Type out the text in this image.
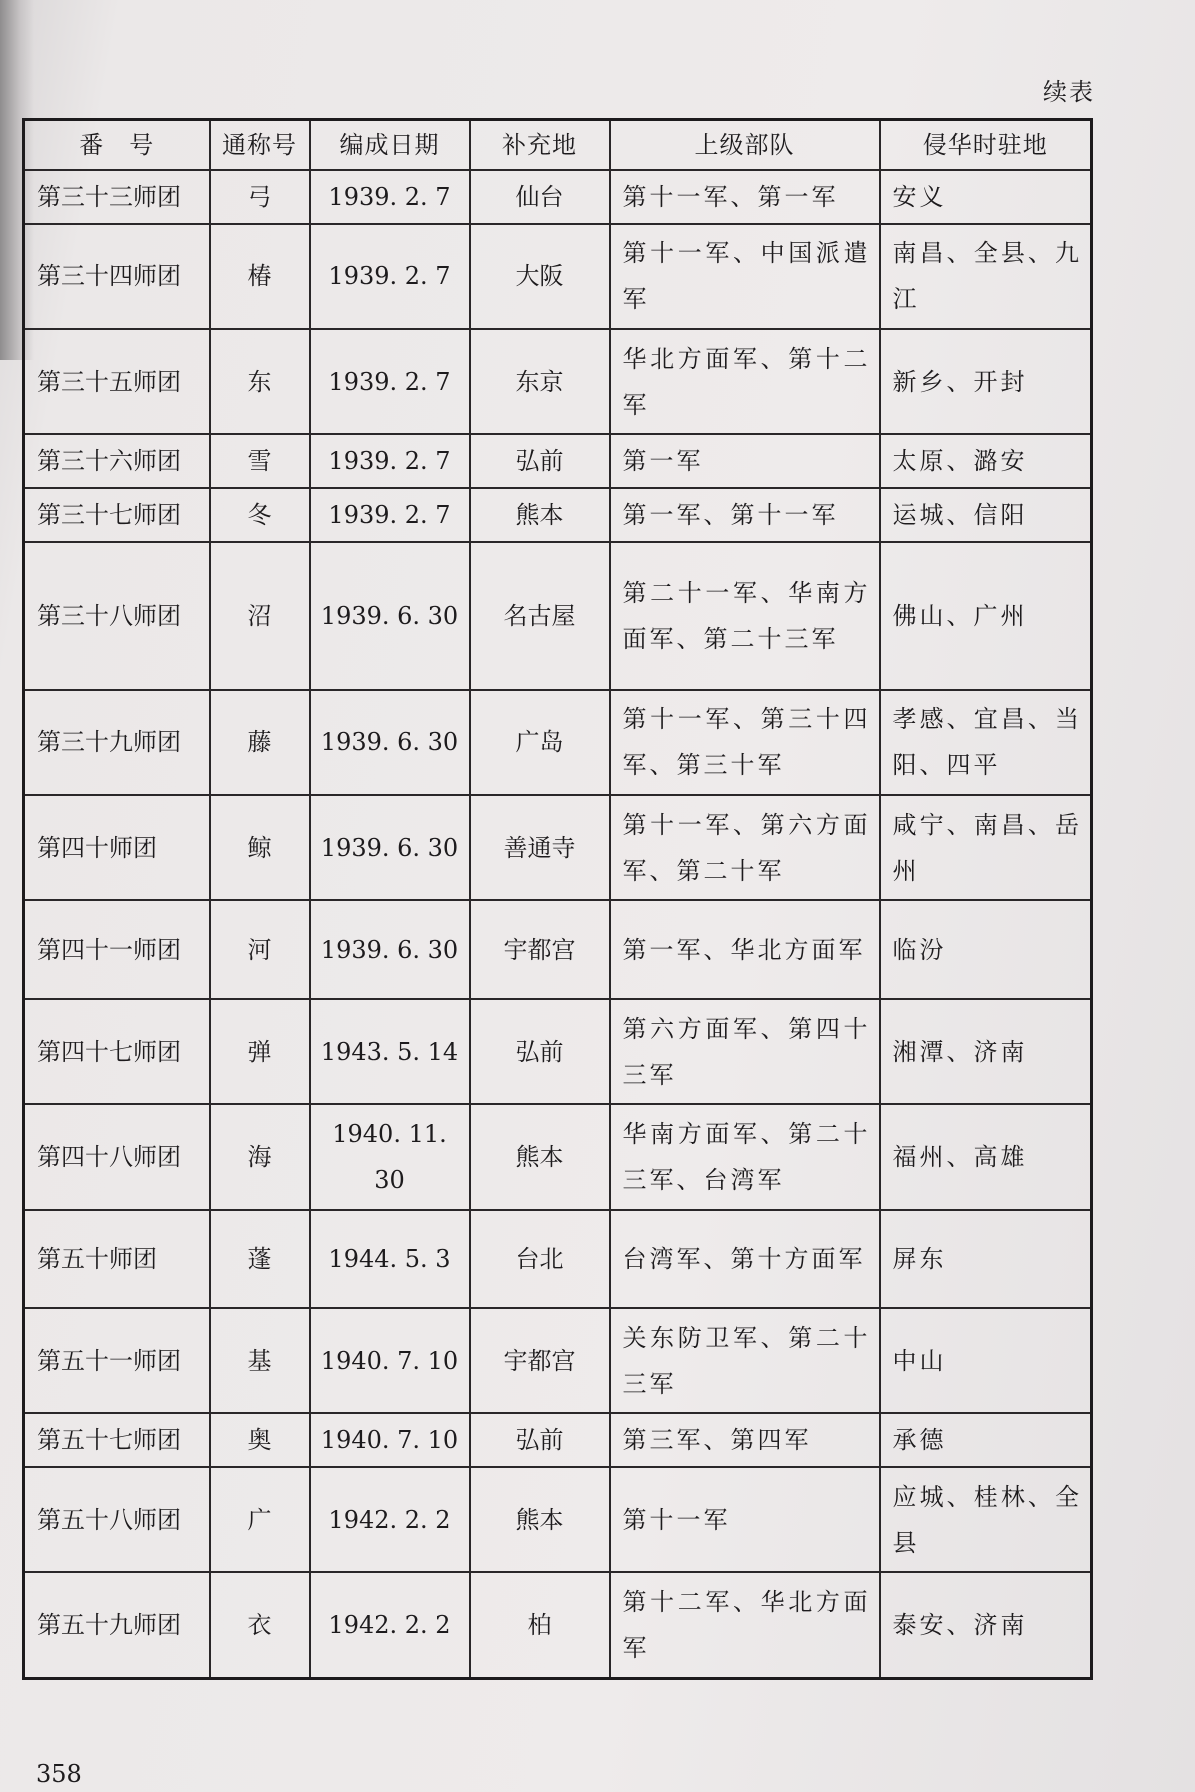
续表
番　号	通称号	编成日期	补充地	上级部队	侵华时驻地
第三十三师团	弓	1939. 2. 7	仙台	第十一军、第一军	安义
第三十四师团	椿	1939. 2. 7	大阪	第十一军、中国派遣军	南昌、全县、九江
第三十五师团	东	1939. 2. 7	东京	华北方面军、第十二军	新乡、开封
第三十六师团	雪	1939. 2. 7	弘前	第一军	太原、潞安
第三十七师团	冬	1939. 2. 7	熊本	第一军、第十一军	运城、信阳
第三十八师团	沼	1939. 6. 30	名古屋	第二十一军、华南方面军、第二十三军	佛山、广州
第三十九师团	藤	1939. 6. 30	广岛	第十一军、第三十四军、第三十军	孝感、宜昌、当阳、四平
第四十师团	鲸	1939. 6. 30	善通寺	第十一军、第六方面军、第二十军	咸宁、南昌、岳州
第四十一师团	河	1939. 6. 30	宇都宫	第一军、华北方面军	临汾
第四十七师团	弹	1943. 5. 14	弘前	第六方面军、第四十三军	湘潭、济南
第四十八师团	海	1940. 11. 30	熊本	华南方面军、第二十三军、台湾军	福州、高雄
第五十师团	蓬	1944. 5. 3	台北	台湾军、第十方面军	屏东
第五十一师团	基	1940. 7. 10	宇都宫	关东防卫军、第二十三军	中山
第五十七师团	奥	1940. 7. 10	弘前	第三军、第四军	承德
第五十八师团	广	1942. 2. 2	熊本	第十一军	应城、桂林、全县
第五十九师团	衣	1942. 2. 2	柏	第十二军、华北方面军	泰安、济南
358
